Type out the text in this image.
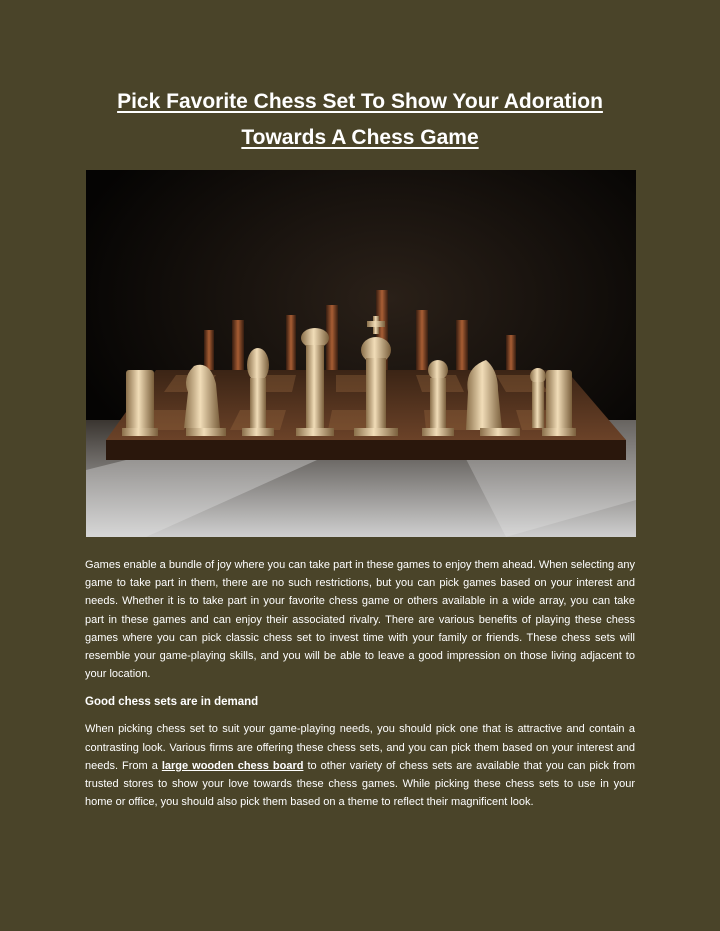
Pick Favorite Chess Set To Show Your Adoration
Towards A Chess Game

Games enable a bundle of joy where you can take part in these games to enjoy them ahead. When selecting any game to take part in them, there are no such restrictions, but you can pick games based on your interest and needs. Whether it is to take part in your favorite chess game or others available in a wide array, you can take part in these games and can enjoy their associated rivalry. There are various benefits of playing these chess games where you can pick classic chess set to invest time with your family or friends. These chess sets will resemble your game-playing skills, and you will be able to leave a good impression on those living adjacent to your location.

Good chess sets are in demand

When picking chess set to suit your game-playing needs, you should pick one that is attractive and contain a contrasting look. Various firms are offering these chess sets, and you can pick them based on your interest and needs. From a large wooden chess board to other variety of chess sets are available that you can pick from trusted stores to show your love towards these chess games. While picking these chess sets to use in your home or office, you should also pick them based on a theme to reflect their magnificent look.
